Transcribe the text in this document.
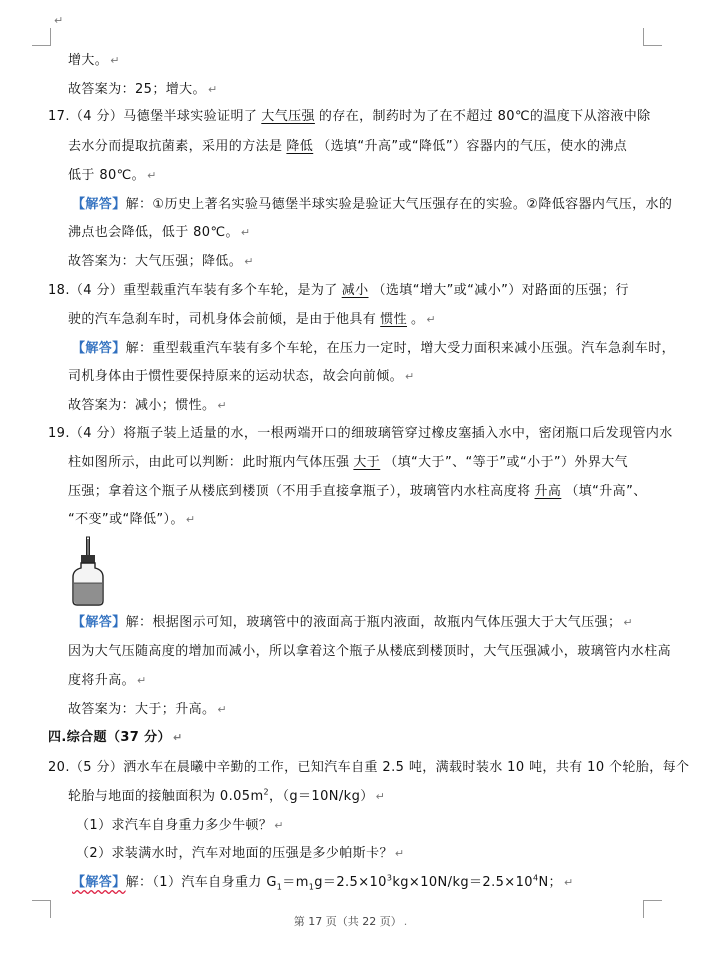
↵
增大。 ↵
故答案为：25；增大。 ↵
17.（4 分）马德堡半球实验证明了 大气压强 的存在，制药时为了在不超过 80℃的温度下从溶液中除
去水分而提取抗菌素，采用的方法是 降低 （选填“升高”或“降低”）容器内的气压，使水的沸点
低于 80℃。 ↵
【解答】解：①历史上著名实验马德堡半球实验是验证大气压强存在的实验。②降低容器内气压，水的
沸点也会降低，低于 80℃。 ↵
故答案为：大气压强；降低。 ↵
18.（4 分）重型载重汽车装有多个车轮，是为了 减小 （选填“增大”或“减小”）对路面的压强；行
驶的汽车急刹车时，司机身体会前倾，是由于他具有 惯性 。 ↵
【解答】解：重型载重汽车装有多个车轮，在压力一定时，增大受力面积来减小压强。汽车急刹车时，
司机身体由于惯性要保持原来的运动状态，故会向前倾。 ↵
故答案为：减小；惯性。 ↵
19.（4 分）将瓶子装上适量的水，一根两端开口的细玻璃管穿过橡皮塞插入水中，密闭瓶口后发现管内水
柱如图所示，由此可以判断：此时瓶内气体压强 大于 （填“大于”、“等于”或“小于”）外界大气
压强；拿着这个瓶子从楼底到楼顶（不用手直接拿瓶子），玻璃管内水柱高度将 升高 （填“升高”、
“不变”或“降低”）。 ↵
【解答】解：根据图示可知，玻璃管中的液面高于瓶内液面，故瓶内气体压强大于大气压强； ↵
因为大气压随高度的增加而减小，所以拿着这个瓶子从楼底到楼顶时，大气压强减小，玻璃管内水柱高
度将升高。 ↵
故答案为：大于；升高。 ↵
四.综合题（37 分） ↵
20.（5 分）洒水车在晨曦中辛勤的工作，已知汽车自重 2.5 吨，满载时装水 10 吨，共有 10 个轮胎，每个
轮胎与地面的接触面积为 $0.05m^2$，（g＝10N/kg） ↵
（1）求汽车自身重力多少牛顿？ ↵
（2）求装满水时，汽车对地面的压强是多少帕斯卡？ ↵
【解答】解：（1）汽车自身重力 $G_1=m_1g=2.5\times 10^3kg\times 10N/kg=2.5\times 10^4N$； ↵
第 17 页（共 22 页） .
